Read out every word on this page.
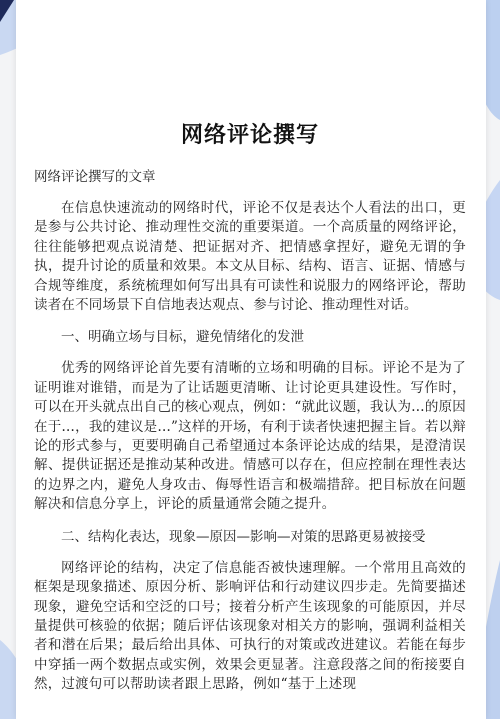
网络评论撰写

网络评论撰写的文章

在信息快速流动的网络时代，评论不仅是表达个人看法的出口，更是参与公共讨论、推动理性交流的重要渠道。一个高质量的网络评论，往往能够把观点说清楚、把证据对齐、把情感拿捏好，避免无谓的争执，提升讨论的质量和效果。本文从目标、结构、语言、证据、情感与合规等维度，系统梳理如何写出具有可读性和说服力的网络评论，帮助读者在不同场景下自信地表达观点、参与讨论、推动理性对话。

一、明确立场与目标，避免情绪化的发泄

优秀的网络评论首先要有清晰的立场和明确的目标。评论不是为了证明谁对谁错，而是为了让话题更清晰、让讨论更具建设性。写作时，可以在开头就点出自己的核心观点，例如：“就此议题，我认为…的原因在于…，我的建议是…”这样的开场，有利于读者快速把握主旨。若以辩论的形式参与，更要明确自己希望通过本条评论达成的结果，是澄清误解、提供证据还是推动某种改进。情感可以存在，但应控制在理性表达的边界之内，避免人身攻击、侮辱性语言和极端措辞。把目标放在问题解决和信息分享上，评论的质量通常会随之提升。

二、结构化表达，现象—原因—影响—对策的思路更易被接受

网络评论的结构，决定了信息能否被快速理解。一个常用且高效的框架是现象描述、原因分析、影响评估和行动建议四步走。先简要描述现象，避免空话和空泛的口号；接着分析产生该现象的可能原因，并尽量提供可核验的依据；随后评估该现象对相关方的影响，强调利益相关者和潜在后果；最后给出具体、可执行的对策或改进建议。若能在每步中穿插一两个数据点或实例，效果会更显著。注意段落之间的衔接要自然，过渡句可以帮助读者跟上思路，例如“基于上述现
